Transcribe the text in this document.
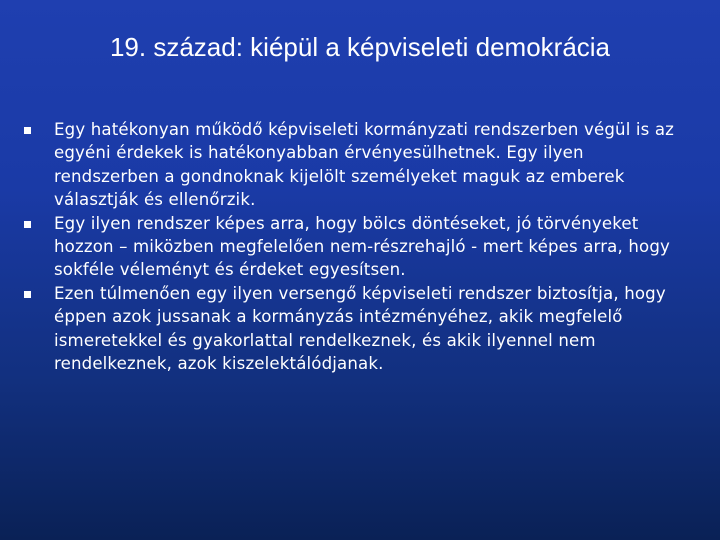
19. század: kiépül a képviseleti demokrácia
Egy hatékonyan működő képviseleti kormányzati rendszerben végül is az egyéni érdekek is hatékonyabban érvényesülhetnek. Egy ilyen rendszerben a gondnoknak kijelölt személyeket maguk az emberek választják és ellenőrzik.
Egy ilyen rendszer képes arra, hogy bölcs döntéseket, jó törvényeket hozzon – miközben megfelelően nem-részrehajló - mert képes arra, hogy sokféle véleményt és érdeket egyesítsen.
Ezen túlmenően egy ilyen versengő képviseleti rendszer biztosítja, hogy éppen azok jussanak a kormányzás intézményéhez, akik megfelelő ismeretekkel és gyakorlattal rendelkeznek, és akik ilyennel nem rendelkeznek, azok kiszelektálódjanak.
